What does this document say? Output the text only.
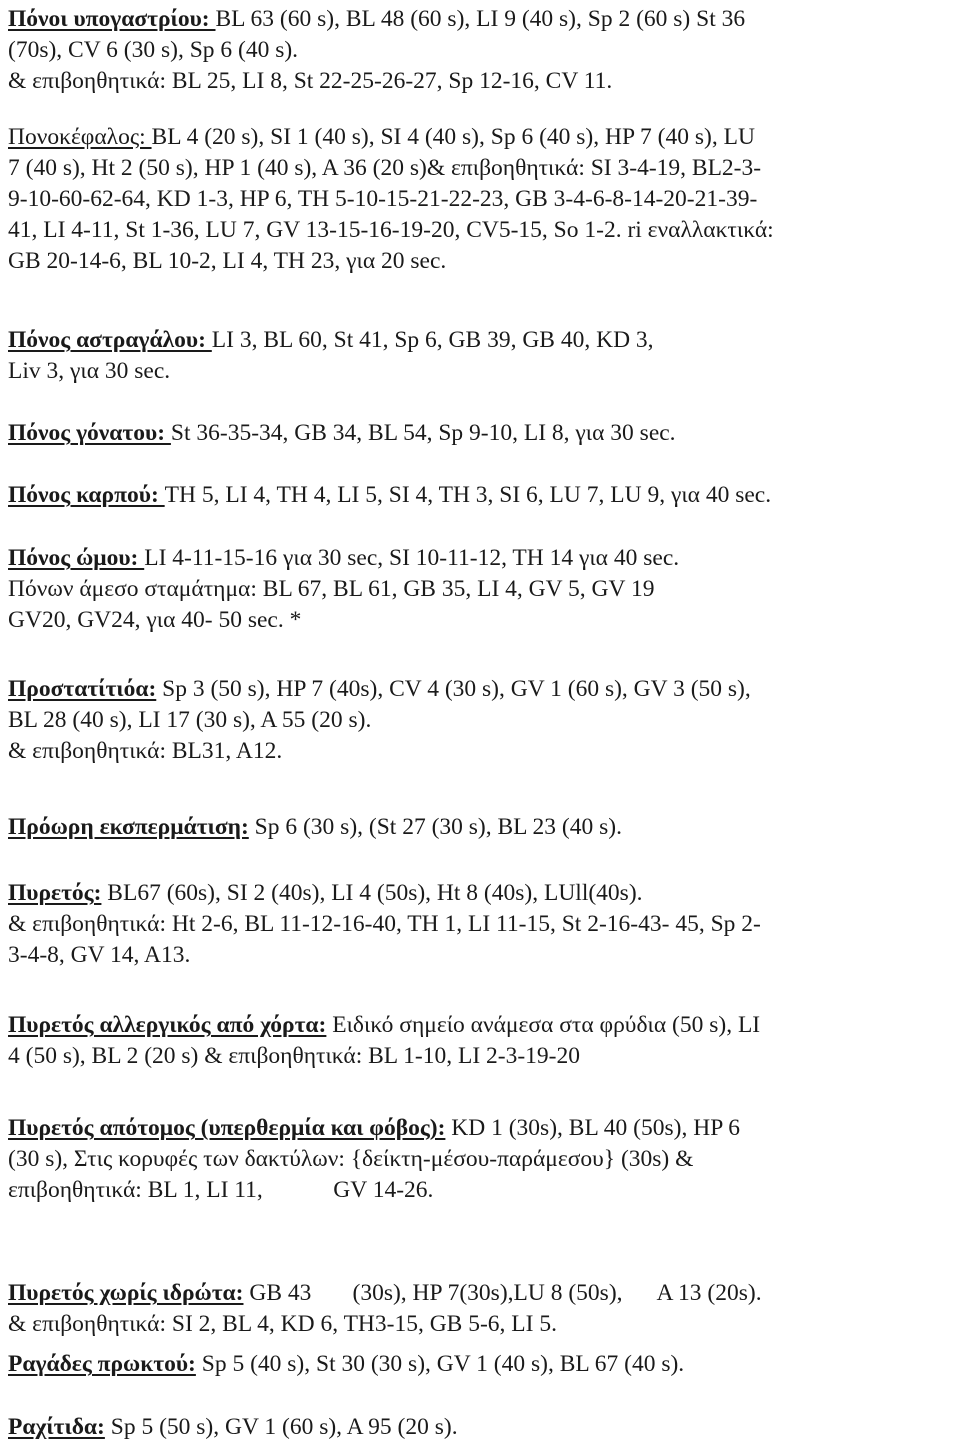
Πόνοι υπογαστρίου: BL 63 (60 s), BL 48 (60 s), LI 9 (40 s), Sp 2 (60 s) St 36

(70s), CV 6 (30 s), Sp 6 (40 s).

& επιβοηθητικά: BL 25, LI 8, St 22-25-26-27, Sp 12-16, CV 11.

Πονοκέφαλος: BL 4 (20 s), SI 1 (40 s), SI 4 (40 s), Sp 6 (40 s), HP 7 (40 s), LU

7 (40 s), Ht 2 (50 s), HP 1 (40 s), A 36 (20 s)& επιβοηθητικά: SI 3-4-19, BL2-3-

9-10-60-62-64, KD 1-3, HP 6, TH 5-10-15-21-22-23, GB 3-4-6-8-14-20-21-39-

41, LI 4-11, St 1-36, LU 7, GV 13-15-16-19-20, CV5-15, So 1-2. ri εναλλακτικά:

GB 20-14-6, BL 10-2, LI 4, TH 23, για 20 sec.

Πόνος αστραγάλου: LI 3, BL 60, St 41, Sp 6, GB 39, GB 40, KD 3,

Liv 3, για 30 sec.

Πόνος γόνατου: St 36-35-34, GB 34, BL 54, Sp 9-10, LI 8, για 30 sec.

Πόνος καρπού: TH 5, LI 4, TH 4, LI 5, SI 4, TH 3, SI 6, LU 7, LU 9, για 40 sec.

Πόνος ώμου: LI 4-11-15-16 για 30 sec, SI 10-11-12, TH 14 για 40 sec.

Πόνων άμεσο σταμάτημα: BL 67, BL 61, GB 35, LI 4, GV 5, GV 19

GV20, GV24, για 40- 50 sec. *

Προστατίτιόα: Sp 3 (50 s), HP 7 (40s), CV 4 (30 s), GV 1 (60 s), GV 3 (50 s),

BL 28 (40 s), LI 17 (30 s), A 55 (20 s).

& επιβοηθητικά: BL31, A12.

Πρόωρη εκσπερμάτιση: Sp 6 (30 s), (St 27 (30 s), BL 23 (40 s).

Πυρετός: BL67 (60s), SI 2 (40s), LI 4 (50s), Ht 8 (40s), LUll(40s).

& επιβοηθητικά: Ht 2-6, BL 11-12-16-40, TH 1, LI 11-15, St 2-16-43- 45, Sp 2-

3-4-8, GV 14, A13.

Πυρετός αλλεργικός από χόρτα: Ειδικό σημείο ανάμεσα στα φρύδια (50 s), LI

4 (50 s), BL 2 (20 s) & επιβοηθητικά: BL 1-10, LI 2-3-19-20

Πυρετός απότομος (υπερθερμία και φόβος): KD 1 (30s), BL 40 (50s), HP 6

(30 s), Στις κορυφές των δακτύλων: {δείκτη-μέσου-παράμεσου} (30s) &

επιβοηθητικά: BL 1, LI 11,            GV 14-26.

Πυρετός χωρίς ιδρώτα: GB 43       (30s), HP 7(30s),LU 8 (50s),      A 13 (20s).

& επιβοηθητικά: SI 2, BL 4, KD 6, TH3-15, GB 5-6, LI 5.

Ραγάδες πρωκτού: Sp 5 (40 s), St 30 (30 s), GV 1 (40 s), BL 67 (40 s).

Ραχίτιδα: Sp 5 (50 s), GV 1 (60 s), A 95 (20 s).
